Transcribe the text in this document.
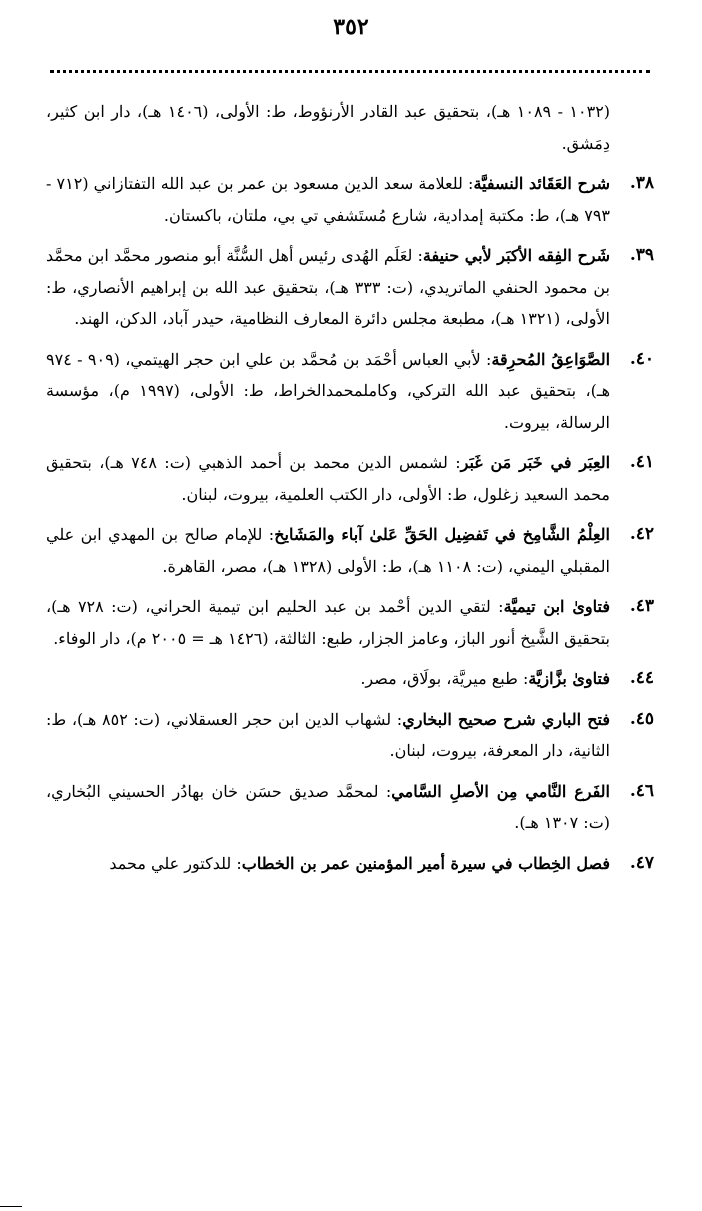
٣٥٢
(١٠٣٢ - ١٠٨٩ هـ)، بتحقيق عبد القادر الأرنؤوط، ط: الأولى، (١٤٠٦ هـ)، دار ابن كثير، دِمَشق.
٣٨.
شرح العَقَائد النسفيَّة: للعلامة سعد الدين مسعود بن عمر بن عبد الله التفتازاني (٧١٢ - ٧٩٣ هـ)، ط: مكتبة إمدادية، شارع مُستَشفي تي بي، ملتان، باكستان.
٣٩.
شَرح الفِقه الأكبَر لأبي حنيفة: لعَلَم الهُدى رئيس أهل السُّنَّة أبو منصور محمَّد ابن محمَّد بن محمود الحنفي الماتريدي، (ت: ٣٣٣ هـ)، بتحقيق عبد الله بن إبراهيم الأنصاري، ط: الأولى، (١٣٢١ هـ)، مطبعة مجلس دائرة المعارف النظامية، حيدر آباد، الدكن، الهند.
٤٠.
الصَّوَاعِقُ المُحرِقة: لأبي العباس أحْمَد بن مُحمَّد بن علي ابن حجر الهيتمي، (٩٠٩ - ٩٧٤ هـ)، بتحقيق عبد الله التركي، وكاملمحمدالخراط، ط: الأولى، (١٩٩٧ م)، مؤسسة الرسالة، بيروت.
٤١.
العِبَر في خَبَر مَن غَبَر: لشمس الدين محمد بن أحمد الذهبي (ت: ٧٤٨ هـ)، بتحقيق محمد السعيد زغلول، ط: الأولى، دار الكتب العلمية، بيروت، لبنان.
٤٢.
العِلْمُ الشَّامِخ في تَفضِيل الحَقِّ عَلىٰ آباء والمَشَايخ: للإمام صالح بن المهدي ابن علي المقبلي اليمني، (ت: ١١٠٨ هـ)، ط: الأولى (١٣٢٨ هـ)، مصر، القاهرة.
٤٣.
فتاوىٰ ابن تيميَّة: لتقي الدين أحْمد بن عبد الحليم ابن تيمية الحراني، (ت: ٧٢٨ هـ)، بتحقيق الشَّيخ أنور الباز، وعامز الجزار، طبع: الثالثة، (١٤٢٦ هـ = ٢٠٠٥ م)، دار الوفاء.
٤٤.
فتاوىٰ بزَّازيَّة: طبع ميريَّة، بولَاق، مصر.
٤٥.
فتح الباري شرح صحيح البخاري: لشهاب الدين ابن حجر العسقلاني، (ت: ٨٥٢ هـ)، ط: الثانية، دار المعرفة، بيروت، لبنان.
٤٦.
الفَرع النَّامي مِن الأصلِ السَّامي: لمحمَّد صديق حسَن خان بهادُر الحسيني البُخاري، (ت: ١٣٠٧ هـ).
٤٧.
فصل الخِطاب في سيرة أمير المؤمنين عمر بن الخطاب: للدكتور علي محمد
